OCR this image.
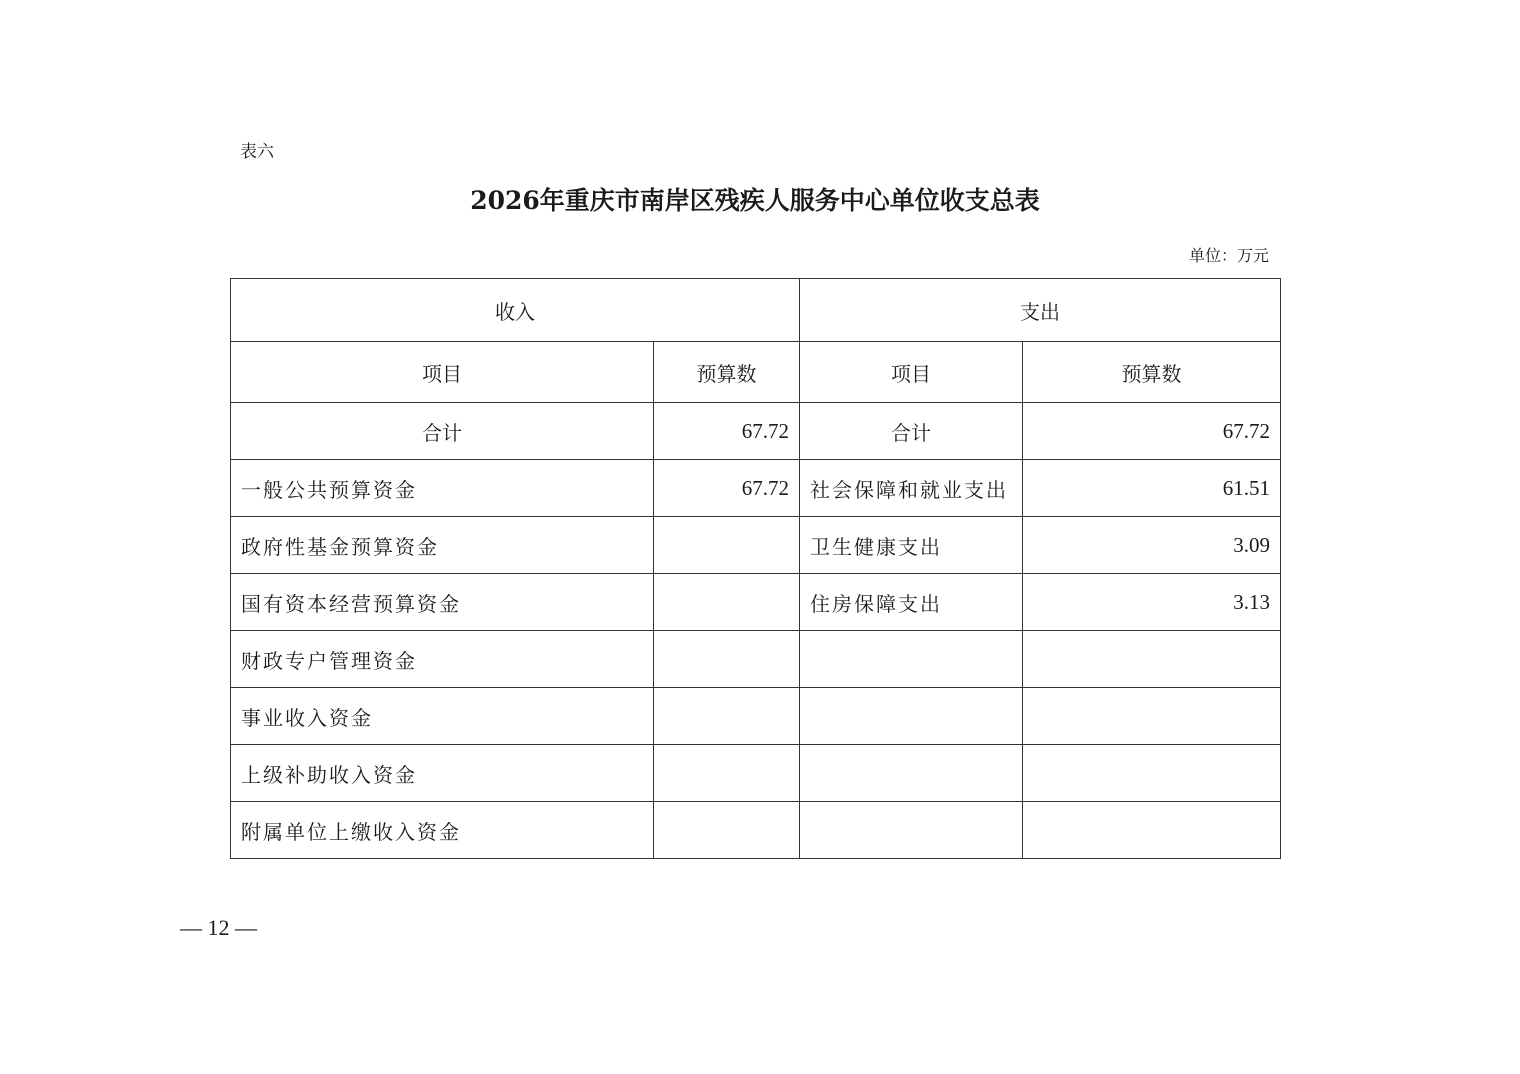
表六
2026年重庆市南岸区残疾人服务中心单位收支总表
单位：万元
收入		支出	
项目	预算数	项目	预算数
合计	67.72	合计	67.72
一般公共预算资金	67.72	社会保障和就业支出	61.51
政府性基金预算资金		卫生健康支出	3.09
国有资本经营预算资金		住房保障支出	3.13
财政专户管理资金			
事业收入资金			
上级补助收入资金			
附属单位上缴收入资金			
— 12 —
